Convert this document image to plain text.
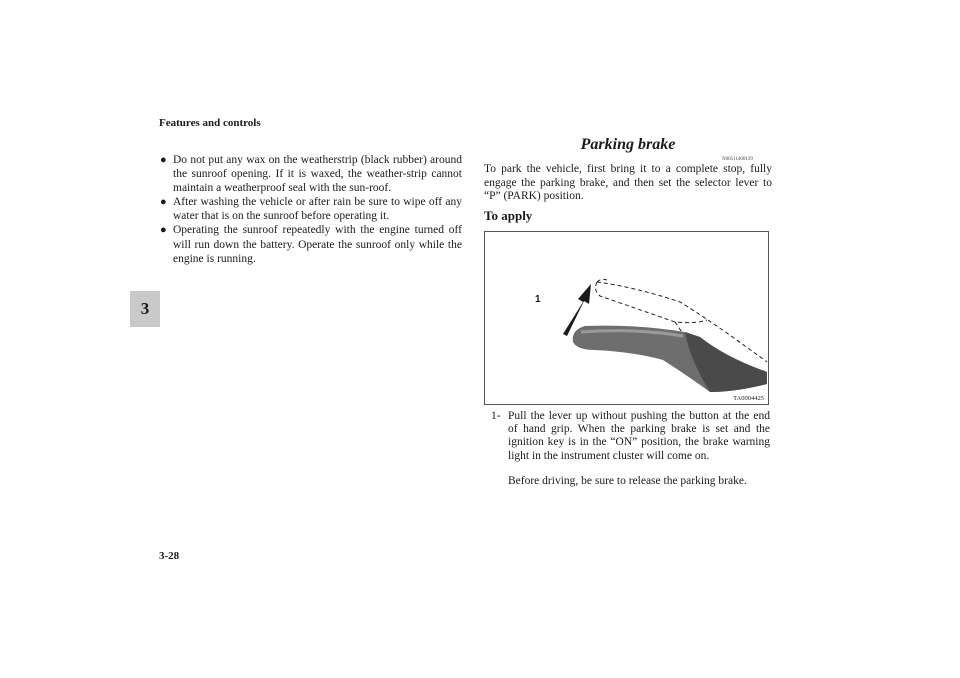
Features and controls
3
● Do not put any wax on the weatherstrip (black rubber) around the sunroof opening. If it is waxed, the weather-strip cannot maintain a weatherproof seal with the sun-roof.
● After washing the vehicle or after rain be sure to wipe off any water that is on the sunroof before operating it.
● Operating the sunroof repeatedly with the engine turned off will run down the battery. Operate the sunroof only while the engine is running.
Parking brake
N00511400139
To park the vehicle, first bring it to a complete stop, fully engage the parking brake, and then set the selector lever to “P” (PARK) position.
To apply
1
TA0004425
1- Pull the lever up without pushing the button at the end of hand grip. When the parking brake is set and the ignition key is in the “ON” position, the brake warning light in the instrument cluster will come on.
Before driving, be sure to release the parking brake.
3-28
